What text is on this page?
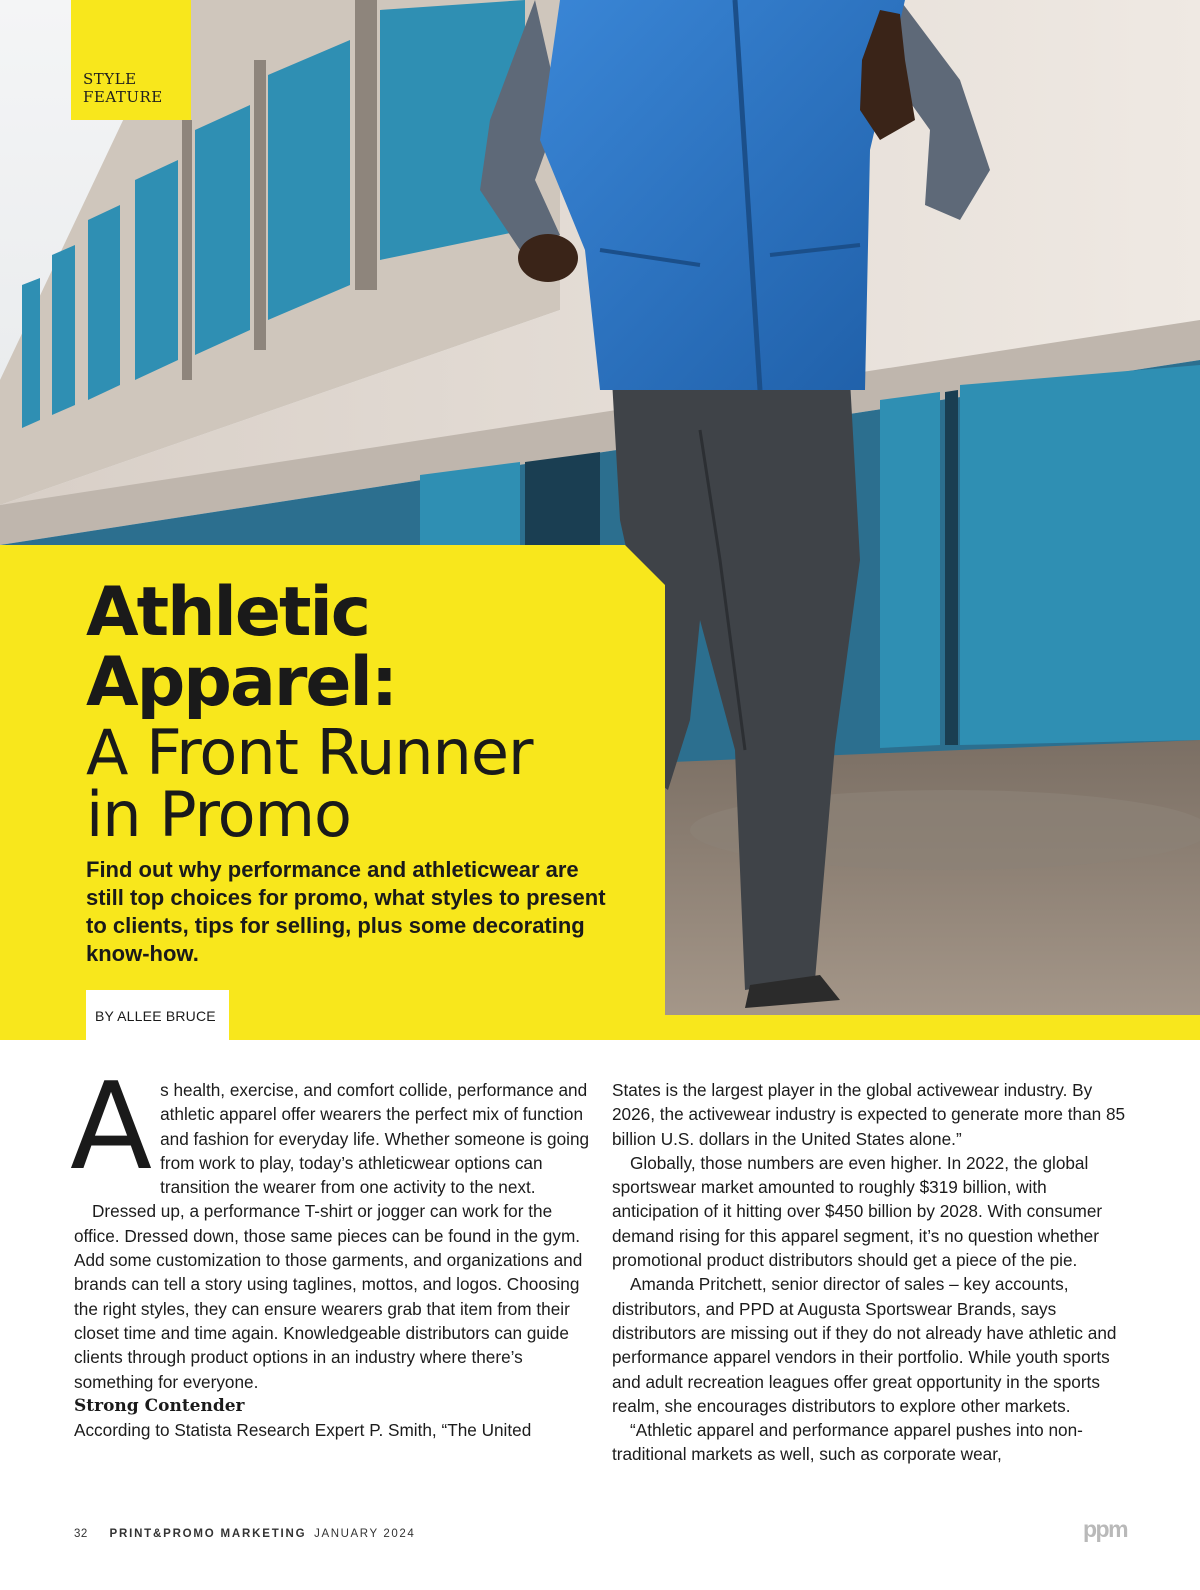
STYLE
FEATURE
Athletic
Apparel:
A Front Runner
in Promo

Find out why performance and athleticwear are still top choices for promo, what styles to present to clients, tips for selling, plus some decorating know-how.

BY ALLEE BRUCE

As health, exercise, and comfort collide, performance and athletic apparel offer wearers the perfect mix of function and fashion for everyday life. Whether someone is going from work to play, today’s athleticwear options can transition the wearer from one activity to the next.

Dressed up, a performance T-shirt or jogger can work for the office. Dressed down, those same pieces can be found in the gym. Add some customization to those garments, and organizations and brands can tell a story using taglines, mottos, and logos. Choosing the right styles, they can ensure wearers grab that item from their closet time and time again. Knowledgeable distributors can guide clients through product options in an industry where there’s something for everyone.

Strong Contender

According to Statista Research Expert P. Smith, “The United

States is the largest player in the global activewear industry. By 2026, the activewear industry is expected to generate more than 85 billion U.S. dollars in the United States alone.”

Globally, those numbers are even higher. In 2022, the global sportswear market amounted to roughly $319 billion, with anticipation of it hitting over $450 billion by 2028. With consumer demand rising for this apparel segment, it’s no question whether promotional product distributors should get a piece of the pie.

Amanda Pritchett, senior director of sales – key accounts, distributors, and PPD at Augusta Sportswear Brands, says distributors are missing out if they do not already have athletic and performance apparel vendors in their portfolio. While youth sports and adult recreation leagues offer great opportunity in the sports realm, she encourages distributors to explore other markets.

“Athletic apparel and performance apparel pushes into non-traditional markets as well, such as corporate wear,

32 PRINT&PROMO MARKETING JANUARY 2024	ppm
